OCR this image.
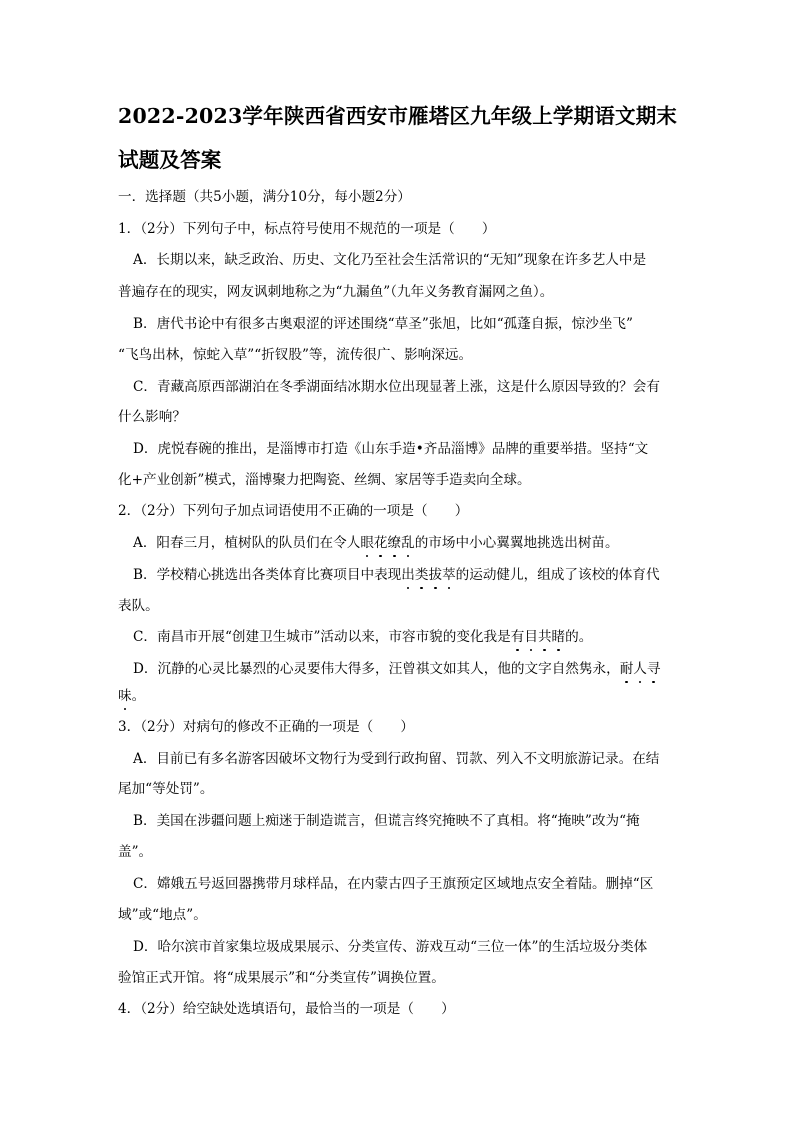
2022-2023学年陕西省西安市雁塔区九年级上学期语文期末
试题及答案
一．选择题（共5小题，满分10分，每小题2分）
1．（2分）下列句子中，标点符号使用不规范的一项是（　　）
A．长期以来，缺乏政治、历史、文化乃至社会生活常识的“无知”现象在许多艺人中是
普遍存在的现实，网友讽刺地称之为“九漏鱼”（九年义务教育漏网之鱼）。
B．唐代书论中有很多古奥艰涩的评述围绕“草圣”张旭，比如“孤蓬自振，惊沙坐飞”
“飞鸟出林，惊蛇入草”“折钗股”等，流传很广、影响深远。
C．青藏高原西部湖泊在冬季湖面结冰期水位出现显著上涨，这是什么原因导致的？会有
什么影响？
D．虎悦春碗的推出，是淄博市打造《山东手造•齐品淄博》品牌的重要举措。坚持“文
化+产业创新”模式，淄博聚力把陶瓷、丝绸、家居等手造卖向全球。
2．（2分）下列句子加点词语使用不正确的一项是（　　）
A．阳春三月，植树队的队员们在令人眼花缭乱的市场中小心翼翼地挑选出树苗。
B．学校精心挑选出各类体育比赛项目中表现出类拔萃的运动健儿，组成了该校的体育代
表队。
C．南昌市开展“创建卫生城市”活动以来，市容市貌的变化我是有目共睹的。
D．沉静的心灵比暴烈的心灵要伟大得多，汪曾祺文如其人，他的文字自然隽永，耐人寻
味。
3．（2分）对病句的修改不正确的一项是（　　）
A．目前已有多名游客因破坏文物行为受到行政拘留、罚款、列入不文明旅游记录。在结
尾加“等处罚”。
B．美国在涉疆问题上痴迷于制造谎言，但谎言终究掩映不了真相。将“掩映”改为“掩
盖”。
C．嫦娥五号返回器携带月球样品，在内蒙古四子王旗预定区域地点安全着陆。删掉“区
域”或“地点”。
D．哈尔滨市首家集垃圾成果展示、分类宣传、游戏互动“三位一体”的生活垃圾分类体
验馆正式开馆。将“成果展示”和“分类宣传”调换位置。
4．（2分）给空缺处选填语句，最恰当的一项是（　　）
